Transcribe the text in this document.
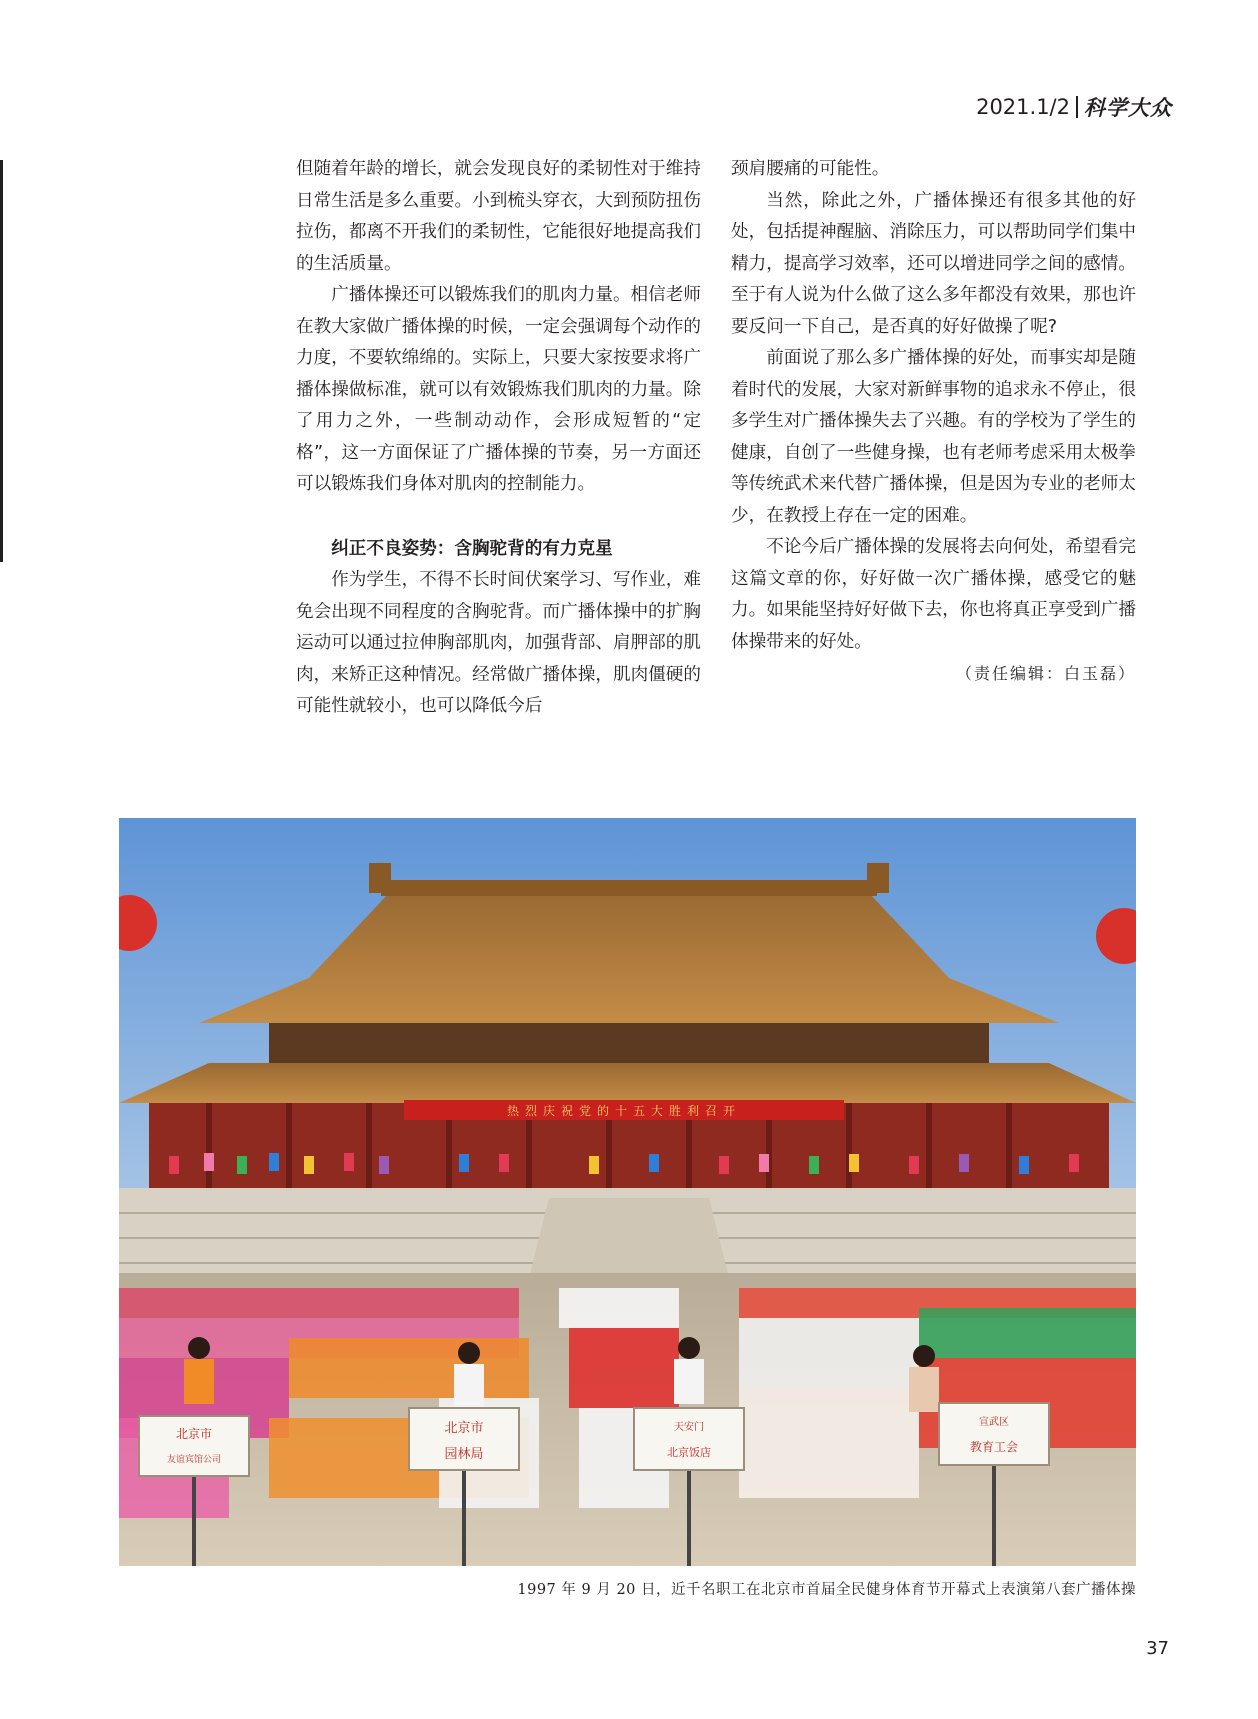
2021.1/2 科学大众

但随着年龄的增长，就会发现良好的柔韧性对于维持日常生活是多么重要。小到梳头穿衣，大到预防扭伤拉伤，都离不开我们的柔韧性，它能很好地提高我们的生活质量。

广播体操还可以锻炼我们的肌肉力量。相信老师在教大家做广播体操的时候，一定会强调每个动作的力度，不要软绵绵的。实际上，只要大家按要求将广播体操做标准，就可以有效锻炼我们肌肉的力量。除了用力之外，一些制动动作，会形成短暂的“定格”，这一方面保证了广播体操的节奏，另一方面还可以锻炼我们身体对肌肉的控制能力。

纠正不良姿势：含胸驼背的有力克星

作为学生，不得不长时间伏案学习、写作业，难免会出现不同程度的含胸驼背。而广播体操中的扩胸运动可以通过拉伸胸部肌肉，加强背部、肩胛部的肌肉，来矫正这种情况。经常做广播体操，肌肉僵硬的可能性就较小，也可以降低今后

颈肩腰痛的可能性。

当然，除此之外，广播体操还有很多其他的好处，包括提神醒脑、消除压力，可以帮助同学们集中精力，提高学习效率，还可以增进同学之间的感情。至于有人说为什么做了这么多年都没有效果，那也许要反问一下自己，是否真的好好做操了呢?

前面说了那么多广播体操的好处，而事实却是随着时代的发展，大家对新鲜事物的追求永不停止，很多学生对广播体操失去了兴趣。有的学校为了学生的健康，自创了一些健身操，也有老师考虑采用太极拳等传统武术来代替广播体操，但是因为专业的老师太少，在教授上存在一定的困难。

不论今后广播体操的发展将去向何处，希望看完这篇文章的你，好好做一次广播体操，感受它的魅力。如果能坚持好好做下去，你也将真正享受到广播体操带来的好处。

（责任编辑：白玉磊）
热烈庆祝党的十五大胜利召开
北京市
友谊宾馆公司
北京市
园林局
天安门
北京饭店
宣武区
教育工会
1997 年 9 月 20 日，近千名职工在北京市首届全民健身体育节开幕式上表演第八套广播体操
37
